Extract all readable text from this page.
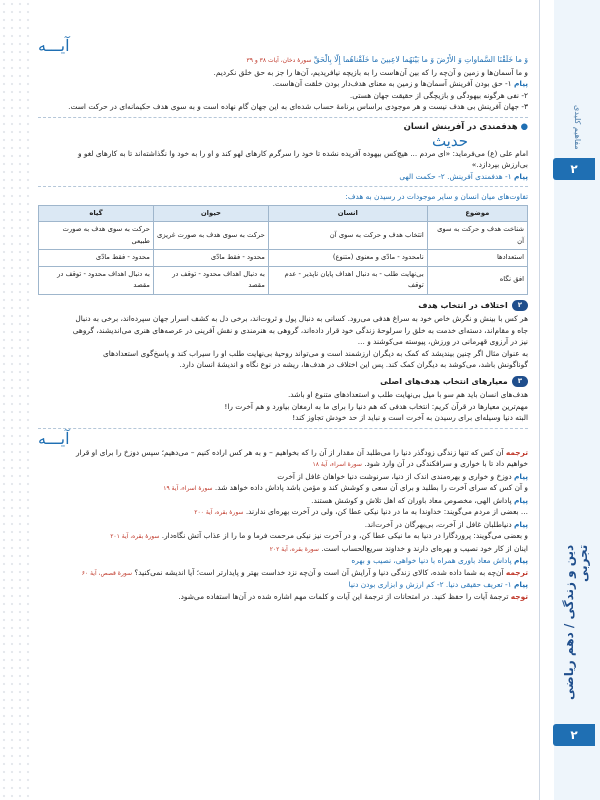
مفاهیم کلیدی
۲
دین و زندگی / دهم ریاضی تجربی
۲
آیـــه
وَ ما خَلَقْنَا السَّماواتِ وَ الأَرْضَ وَ ما بَيْنَهُما لاعِبينَ ما خَلَقْناهُما إِلّا بِالْحَقِّ سورهٔ دخان، آیات ۳۸ و ۳۹
و ما آسمان‌ها و زمین و آن‌چه را که بین آن‌هاست را به بازیچه نیافریدیم، آن‌ها را جز به حق خلق نکردیم.
پیام ۱- حق بودن آفرینش آسمان‌ها و زمین به معنای هدف‌دار بودن خلقت آن‌هاست.
۲- نفی هرگونه بیهودگی و بازیچگی از حقیقت جهان هستی.
۳- جهان آفرینش بی هدف نیست و هر موجودی براساس برنامهٔ حساب شده‌ای به این جهان گام نهاده است و به سوی هدف حکیمانه‌ای در حرکت است.
● هدفمندی در آفرینش انسان
حدیث
امام علی (ع) می‌فرماید: «ای مردم ... هیچ‌کس بیهوده آفریده نشده تا خود را سرگرم کارهای لهو کند و او را به خود وا نگذاشته‌اند تا به کارهای لغو و
بی‌ارزش بپردازد.»
پیام ۱- هدفمندی آفرینش. ۲- حکمت الهی
تفاوت‌های میان انسان و سایر موجودات در رسیدن به هدف:
موضوع	انسان	حیوان	گیاه
شناخت هدف و حرکت به سوی آن	انتخاب هدف و حرکت به سوی آن	حرکت به سوی هدف به صورت غریزی	حرکت به سوی هدف به صورت طبیعی
استعدادها	نامحدود - مادّی و معنوی (متنوع)	محدود - فقط مادّی	محدود - فقط مادّی
افق نگاه	بی‌نهایت طلب - به دنبال اهداف پایان ناپذیر - عدم توقف	به دنبال اهداف محدود - توقف در مقصد	به دنبال اهداف محدود - توقف در مقصد
۲
اختلاف در انتخاب هدف
هر کس با بینش و نگرش خاص خود به سراغ هدفی می‌رود. کسانی به دنبال پول و ثروت‌اند، برخی دل به کشف اسرار جهان سپرده‌اند، برخی به دنبال
جاه و مقام‌اند، دسته‌ای خدمت به خلق را سرلوحهٔ زندگی خود قرار داده‌اند، گروهی به هنرمندی و نقش آفرینی در عرصه‌های هنری می‌اندیشند، گروهی
نیز در آرزوی قهرمانی در ورزش، پیوسته می‌کوشند و ...
به عنوان مثال اگر چنین بیندیشد که کمک به دیگران ارزشمند است و می‌تواند روحیهٔ بی‌نهایت طلب او را سیراب کند و پاسخ‌گوی استعدادهای
گوناگونش باشد، می‌کوشد به دیگران کمک کند. پس این اختلاف در هدف‌ها، ریشه در نوع نگاه و اندیشهٔ انسان دارد.
۳
معیارهای انتخاب هدف‌های اصلی
هدف‌های انسان باید هم سو با میل بی‌نهایت طلب و استعدادهای متنوع او باشد.
مهم‌ترین معیارها در قرآن کریم: انتخاب هدفی که هم دنیا را برای ما به ارمغان بیاورد و هم آخرت را!
البته دنیا وسیله‌ای برای رسیدن به آخرت است و نباید از حد خودش تجاوز کند!
آیـــه
ترجمه آن کس که تنها زندگی زودگذر دنیا را می‌طلبد آن مقدار از آن را که بخواهیم – و به هر کس اراده کنیم – می‌دهیم؛ سپس دوزخ را برای او قرار
خواهیم داد تا با خواری و سرافکندگی در آن وارد شود. سورهٔ اسراء، آیهٔ ۱۸
پیام دوزخ و خواری و بهره‌مندی اندک از دنیا، سرنوشت دنیا خواهان غافل از آخرت
و آن کس که سرای آخرت را بطلبد و برای آن سعی و کوشش کند و مؤمن باشد پاداش داده خواهد شد. سورهٔ اسراء، آیهٔ ۱۹
پیام پاداش الهی، مخصوص معاد باوران که اهل تلاش و کوشش هستند.
... بعضی از مردم می‌گویند: خداوندا به ما در دنیا نیکی عطا کن، ولی در آخرت بهره‌ای ندارند. سورهٔ بقره، آیهٔ ۲۰۰
پیام دنیاطلبان غافل از آخرت، بی‌بهرگان در آخرت‌اند.
و بعضی می‌گویند: پروردگارا در دنیا به ما نیکی عطا کن، و در آخرت نیز نیکی مرحمت فرما و ما را از عذاب آتش نگاه‌دار. سورهٔ بقره، آیهٔ ۲۰۱
اینان از کار خود نصیب و بهره‌ای دارند و خداوند سریع‌الحساب است. سورهٔ بقره، آیهٔ ۲۰۲
پیام پاداش معاد باوری همراه با دنیا خواهی، نصیب و بهره
ترجمه آن‌چه به شما داده شده، کالای زندگی دنیا و آرایش آن است و آن‌چه نزد خداست بهتر و پایدارتر است؛ آیا اندیشه نمی‌کنید؟ سورهٔ قصص، آیهٔ ۶۰
پیام ۱- تعریف حقیقی دنیا. ۲- کم ارزش و ابزاری بودن دنیا
توجه ترجمهٔ آیات را حفظ کنید. در امتحانات از ترجمهٔ این آیات و کلمات مهم اشاره شده در آن‌ها استفاده می‌شود.
